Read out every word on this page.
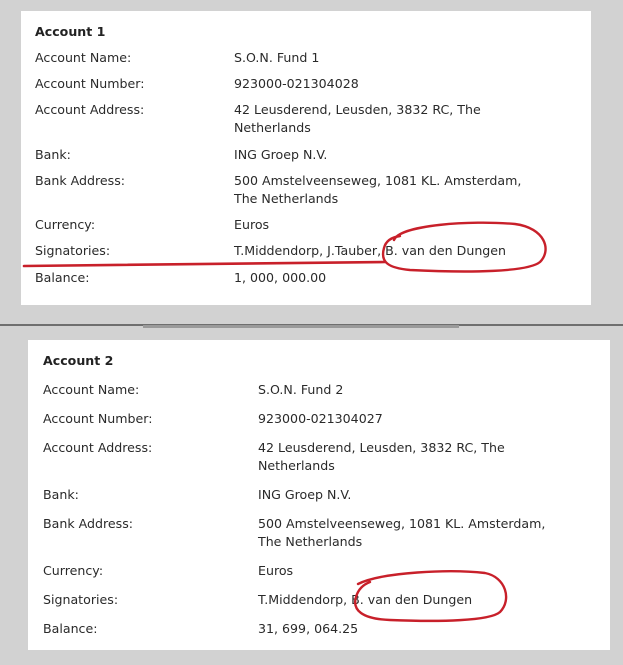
Account 1
Account Name:	S.O.N. Fund 1
Account Number:	923000-021304028
Account Address:	42 Leusderend, Leusden, 3832 RC, The
Netherlands
Bank:	ING Groep N.V.
Bank Address:	500 Amstelveenseweg, 1081 KL. Amsterdam,
The Netherlands
Currency:	Euros
Signatories:	T.Middendorp, J.Tauber, B. van den Dungen
Balance:	1, 000, 000.00
Account 2
Account Name:	S.O.N. Fund 2
Account Number:	923000-021304027
Account Address:	42 Leusderend, Leusden, 3832 RC, The
Netherlands
Bank:	ING Groep N.V.
Bank Address:	500 Amstelveenseweg, 1081 KL. Amsterdam,
The Netherlands
Currency:	Euros
Signatories:	T.Middendorp, B. van den Dungen
Balance:	31, 699, 064.25
